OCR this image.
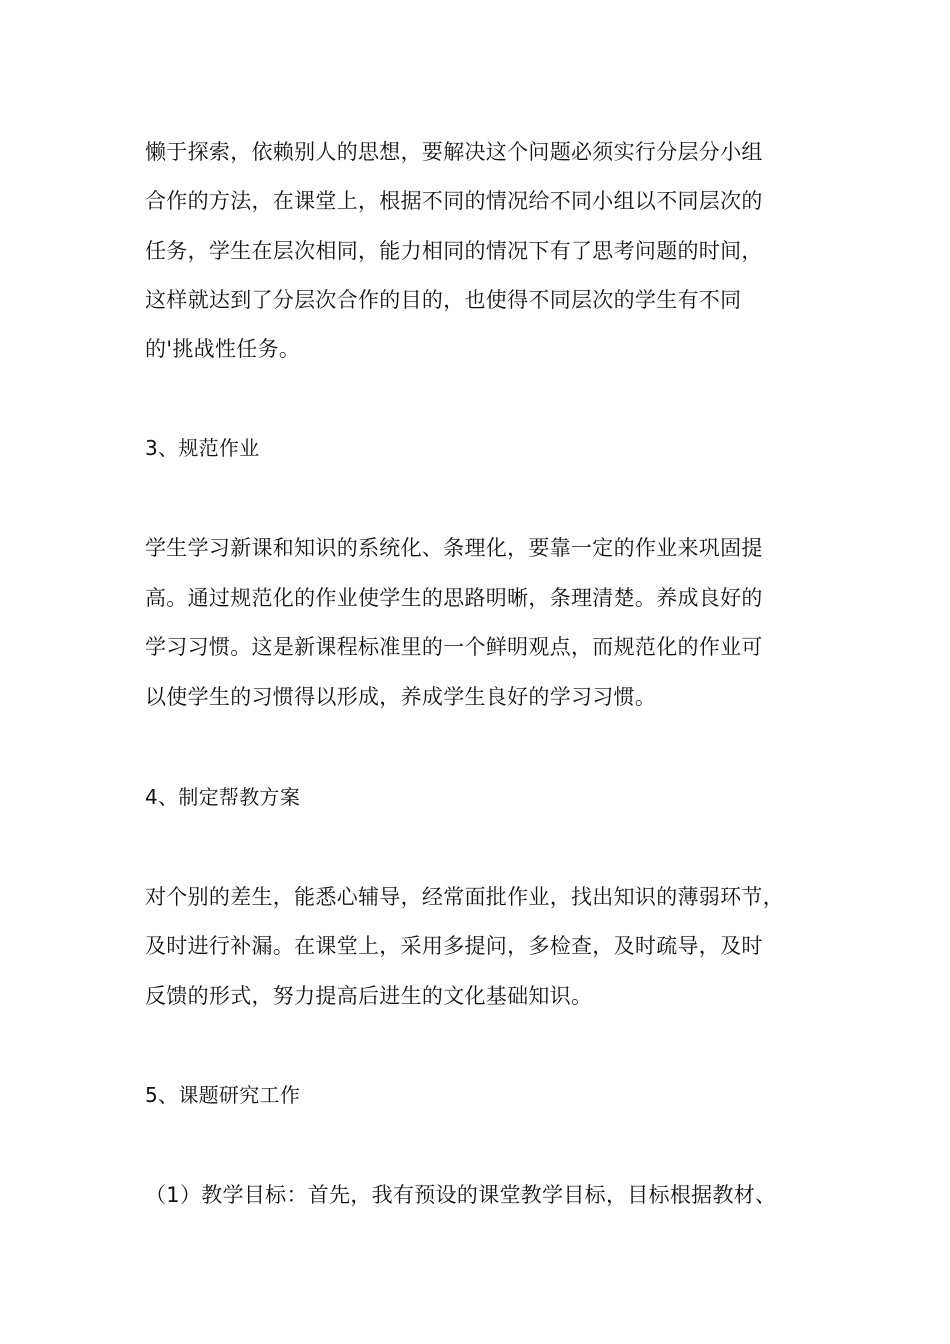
懒于探索，依赖别人的思想，要解决这个问题必须实行分层分小组
合作的方法，在课堂上，根据不同的情况给不同小组以不同层次的
任务，学生在层次相同，能力相同的情况下有了思考问题的时间，
这样就达到了分层次合作的目的，也使得不同层次的学生有不同
的'挑战性任务。
3、规范作业
学生学习新课和知识的系统化、条理化，要靠一定的作业来巩固提
高。通过规范化的作业使学生的思路明晰，条理清楚。养成良好的
学习习惯。这是新课程标准里的一个鲜明观点，而规范化的作业可
以使学生的习惯得以形成，养成学生良好的学习习惯。
4、制定帮教方案
对个别的差生，能悉心辅导，经常面批作业，找出知识的薄弱环节，
及时进行补漏。在课堂上，采用多提问，多检查，及时疏导，及时
反馈的形式，努力提高后进生的文化基础知识。
5、课题研究工作
（1）教学目标：首先，我有预设的课堂教学目标，目标根据教材、
